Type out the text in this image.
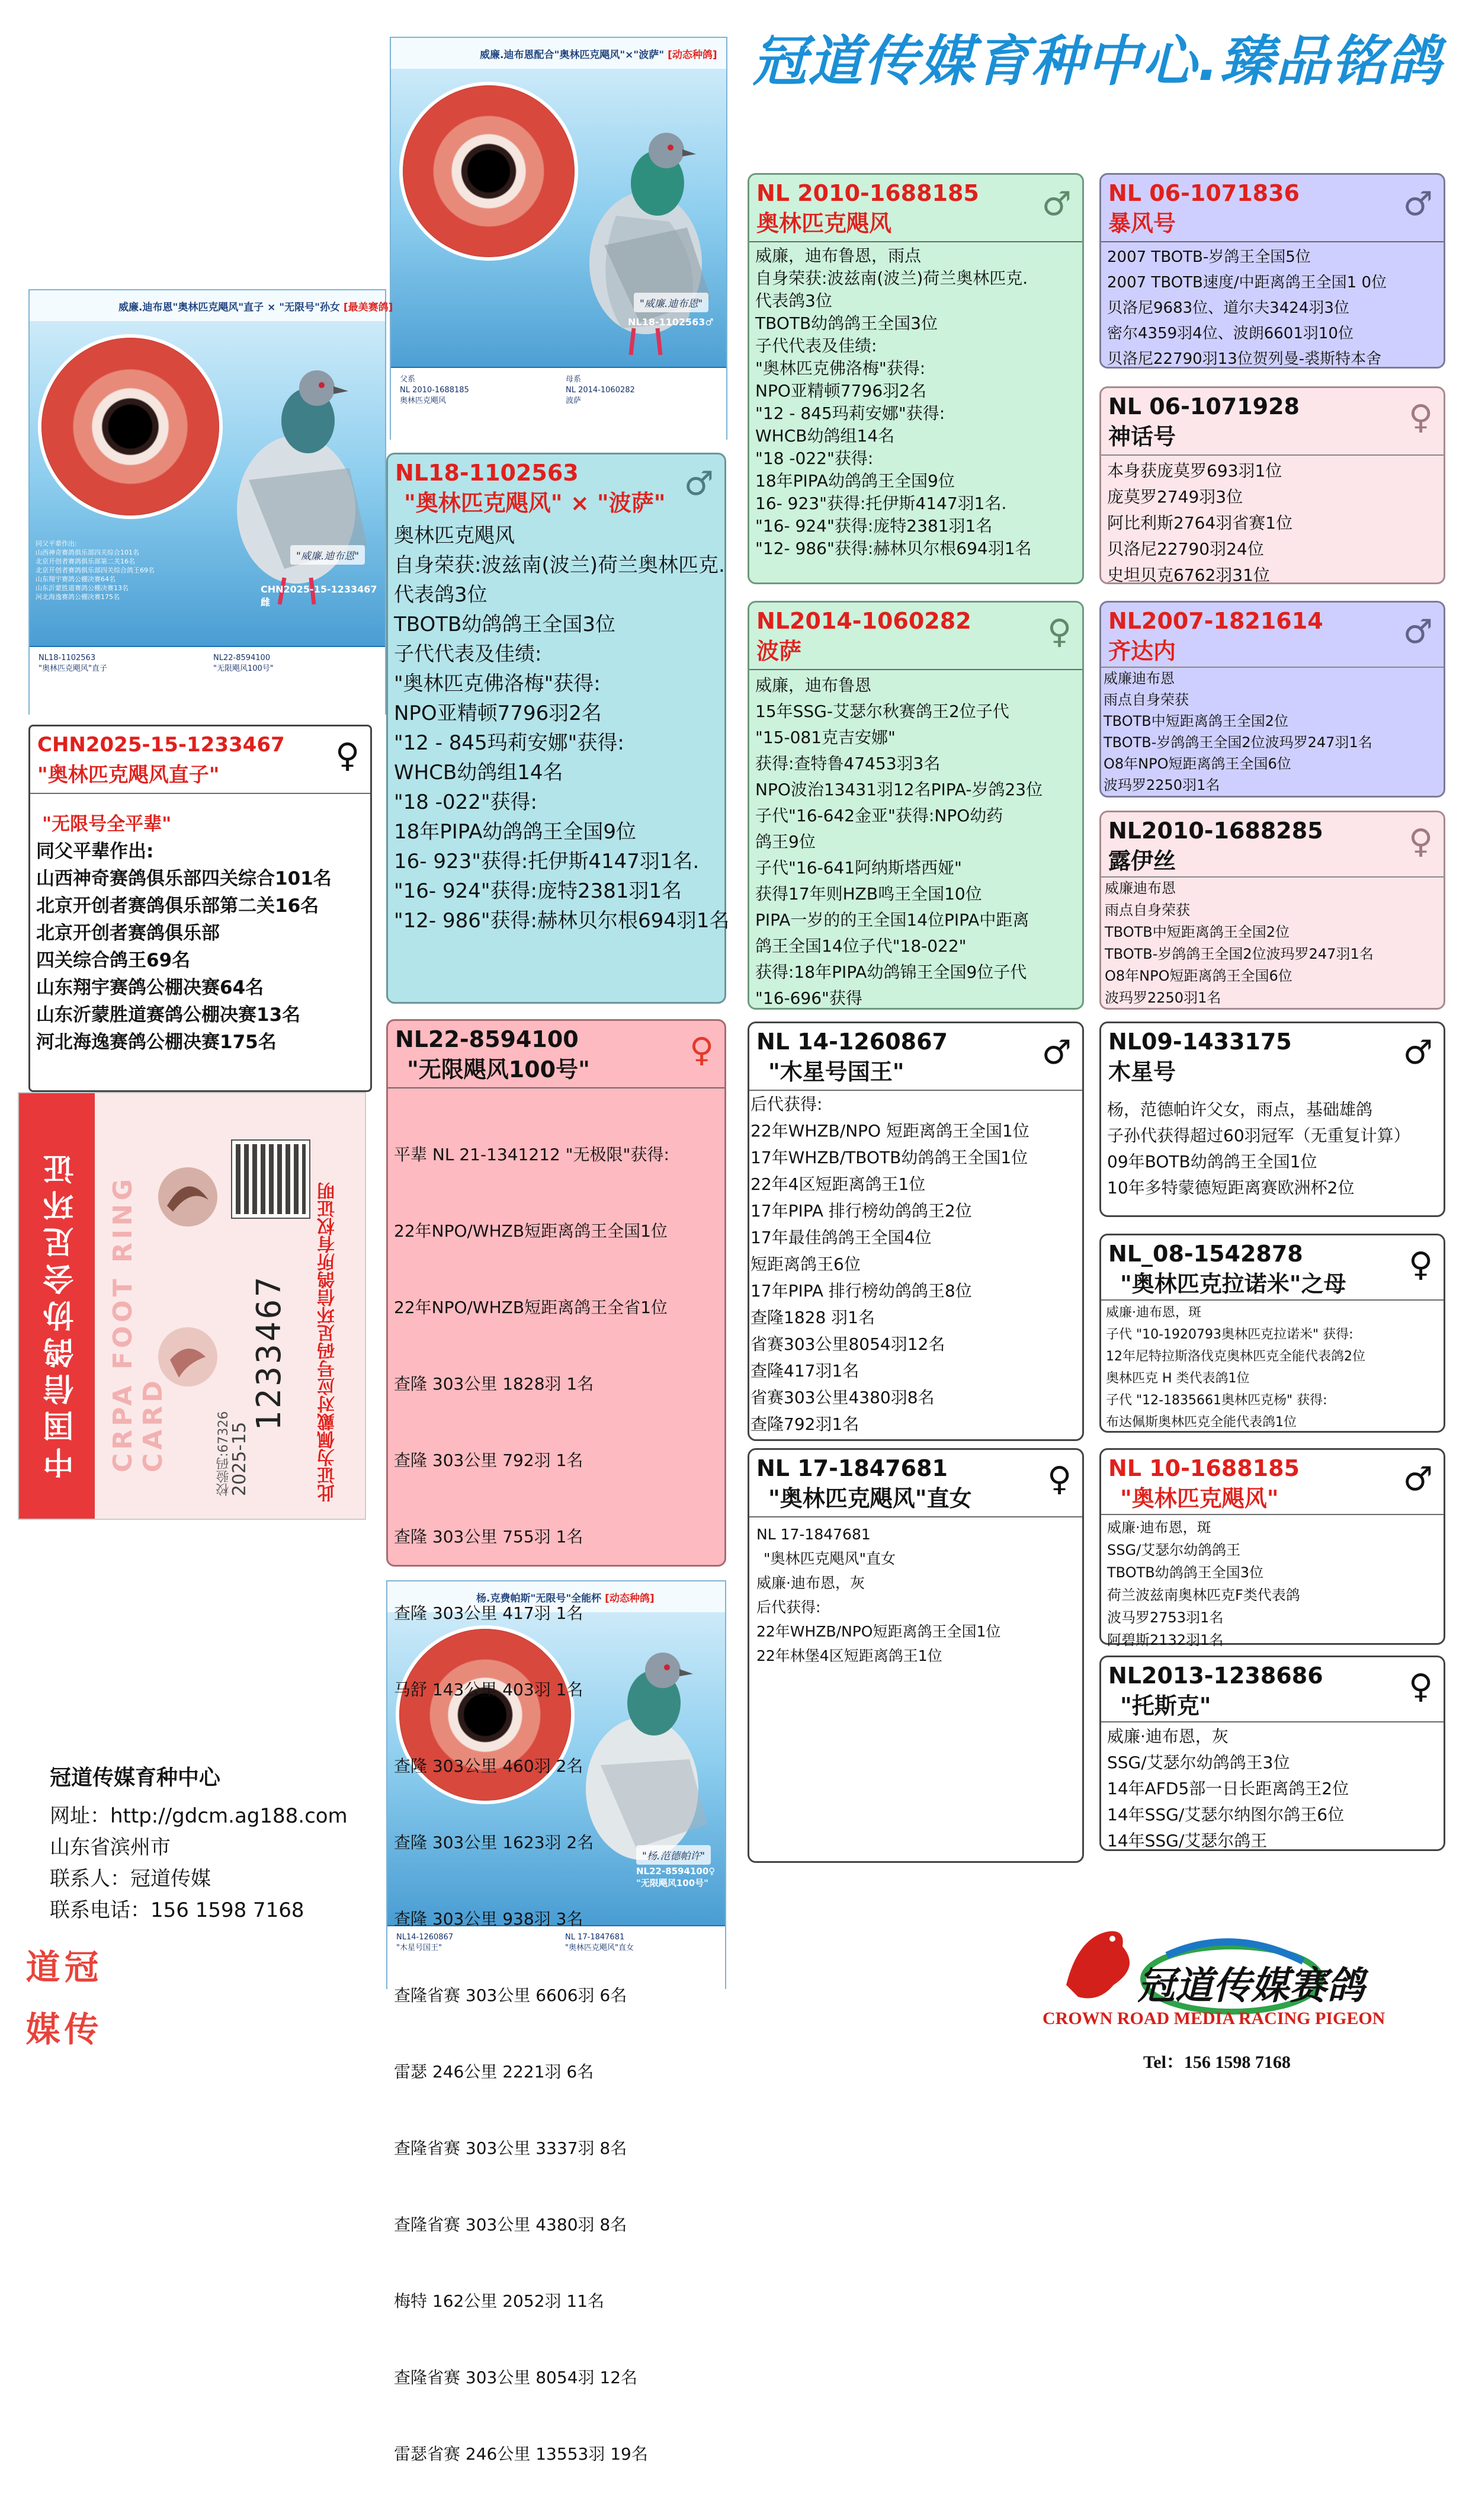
冠道传媒育种中心.臻品铭鸽
威廉.迪布恩配合"奥林匹克飓风"×"波萨" [动态种鸽]
"威廉.迪布恩"
NL18-1102563♂
父系
NL 2010-1688185
奥林匹克飓风
母系
NL 2014-1060282
波萨
威廉.迪布恩"奥林匹克飓风"直子 × "无限号"孙女 [最美赛鸽]
"威廉.迪布恩"
CHN2025-15-1233467雌
同父平辈作出:
山西神奇赛鸽俱乐部四关综合101名
北京开创者赛鸽俱乐部第二关16名
北京开创者赛鸽俱乐部四关综合鸽王69名
山东翔宇赛鸽公棚决赛64名
山东沂蒙胜道赛鸽公棚决赛13名
河北海逸赛鸽公棚决赛175名
NL18-1102563
"奥林匹克飓风"直子
NL22-8594100
"无限飓风100号"
杨.克费帕斯"无限号"全能杯 [动态种鸽]
"杨.范德帕许"
NL22-8594100♀
"无限飓风100号"
NL14-1260867
"木星号国王"
NL 17-1847681
"奥林匹克飓风"直女
NL 2010-1688185
奥林匹克飓风	♂
威廉，迪布鲁恩，雨点
自身荣获:波兹南(波兰)荷兰奥林匹克.
代表鸽3位
TBOTB幼鸽鸽王全国3位
子代代表及佳绩:
"奥林匹克佛洛梅"获得:
NPO亚精顿7796羽2名
"12 - 845玛莉安娜"获得:
WHCB幼鸽组14名
"18 -022"获得:
18年PIPA幼鸽鸽王全国9位
16- 923"获得:托伊斯4147羽1名.
"16- 924"获得:庞特2381羽1名
"12- 986"获得:赫林贝尔根694羽1名
NL 06-1071836
暴风号	♂
2007 TBOTB-岁鸽王全国5位
2007 TBOTB速度/中距离鸽王全国1 0位
贝洛尼9683位、道尔夫3424羽3位
密尔4359羽4位、波朗6601羽10位
贝洛尼22790羽13位贺列曼-裘斯特本舍
NL 06-1071928
神话号	♀
本身获庞莫罗693羽1位
庞莫罗2749羽3位
阿比利斯2764羽省赛1位
贝洛尼22790羽24位
史坦贝克6762羽31位
NL18-1102563
"奥林匹克飓风" × "波萨" ♂
奥林匹克飓风
自身荣获:波兹南(波兰)荷兰奥林匹克.
代表鸽3位
TBOTB幼鸽鸽王全国3位
子代代表及佳绩:
"奥林匹克佛洛梅"获得:
NPO亚精顿7796羽2名
"12 - 845玛莉安娜"获得:
WHCB幼鸽组14名
"18 -022"获得:
18年PIPA幼鸽鸽王全国9位
16- 923"获得:托伊斯4147羽1名.
"16- 924"获得:庞特2381羽1名
"12- 986"获得:赫林贝尔根694羽1名
NL2014-1060282
波萨	♀
威廉，迪布鲁恩
15年SSG-艾瑟尔秋赛鸽王2位子代
"15-081克吉安娜"
获得:查特鲁47453羽3名
NPO波治13431羽12名PIPA-岁鸽23位
子代"16-642金亚"获得:NPO幼药
鸽王9位
子代"16-641阿纳斯塔西娅"
获得17年则HZB鸣王全国10位
PIPA一岁的的王全国14位PIPA中距离
鸽王全国14位子代"18-022"
获得:18年PIPA幼鸽锦王全国9位子代
"16-696"获得
NL2007-1821614
齐达内	♂
威廉迪布恩
雨点自身荣获
TBOTB中短距离鸽王全国2位
TBOTB-岁鸽鸽王全国2位波玛罗247羽1名
O8年NPO短距离鸽王全国6位
波玛罗2250羽1名
NL2010-1688285
露伊丝	♀
威廉迪布恩
雨点自身荣获
TBOTB中短距离鸽王全国2位
TBOTB-岁鸽鸽王全国2位波玛罗247羽1名
O8年NPO短距离鸽王全国6位
波玛罗2250羽1名
CHN2025-15-1233467
"奥林匹克飓风直子"	♀
"无限号全平辈"
同父平辈作出:
山西神奇赛鸽俱乐部四关综合101名
北京开创者赛鸽俱乐部第二关16名
北京开创者赛鸽俱乐部
四关综合鸽王69名
山东翔宇赛鸽公棚决赛64名
山东沂蒙胜道赛鸽公棚决赛13名
河北海逸赛鸽公棚决赛175名	NL22-8594100
"无限飓风100号"	♀

平辈 NL 21-1341212 "无极限"获得:

22年NPO/WHZB短距离鸽王全国1位

22年NPO/WHZB短距离鸽王全省1位

查隆 303公里 1828羽 1名

查隆 303公里 792羽 1名

查隆 303公里 755羽 1名

查隆 303公里 417羽 1名

马舒 143公里 403羽 1名

查隆 303公里 460羽 2名

查隆 303公里 1623羽 2名

查隆 303公里 938羽 3名

查隆省赛 303公里 6606羽 6名

雷瑟 246公里 2221羽 6名

查隆省赛 303公里 3337羽 8名

查隆省赛 303公里 4380羽 8名

梅特 162公里 2052羽 11名

查隆省赛 303公里 8054羽 12名

雷瑟省赛 246公里 13553羽 19名

NL 14-1260867
"木星号国王"	♂
后代获得:
22年WHZB/NPO 短距离鸽王全国1位
17年WHZB/TBOTB幼鸽鸽王全国1位
22年4区短距离鸽王1位
17年PIPA 排行榜幼鸽鸽王2位
17年最佳鸽鸽王全国4位
短距离鸽王6位
17年PIPA 排行榜幼鸽鸽王8位
查隆1828 羽1名
省赛303公里8054羽12名
查隆417羽1名
省赛303公里4380羽8名
查隆792羽1名
NL09-1433175
木星号	♂
杨，范德帕许父女，雨点，基础雄鸽
子孙代获得超过60羽冠军（无重复计算）
09年BOTB幼鸽鸽王全国1位
10年多特蒙德短距离赛欧洲杯2位
NL_08-1542878
"奥林匹克拉诺米"之母	♀
威廉·迪布恩，斑
子代 "10-1920793奥林匹克拉诺米" 获得:
12年尼特拉斯洛伐克奥林匹克全能代表鸽2位
奥林匹克 H 类代表鸽1位
子代 "12-1835661奥林匹克杨" 获得:
布达佩斯奥林匹克全能代表鸽1位
NL 17-1847681
"奥林匹克飓风"直女	♀
NL 17-1847681
"奥林匹克飓风"直女
威廉·迪布恩，灰
后代获得:
22年WHZB/NPO短距离鸽王全国1位
22年林堡4区短距离鸽王1位
NL 10-1688185
"奥林匹克飓风"	♂
威廉·迪布恩，斑
SSG/艾瑟尔幼鸽鸽王
TBOTB幼鸽鸽王全国3位
荷兰波兹南奥林匹克F类代表鸽
波马罗2753羽1名
阿碧斯2132羽1名
NL2013-1238686
"托斯克"	♀
威廉·迪布恩，灰
SSG/艾瑟尔幼鸽鸽王3位
14年AFD5部一日长距离鸽王2位
14年SSG/艾瑟尔纳图尔鸽王6位
14年SSG/艾瑟尔鸽王
中国信鸽协会足环证 CRPA FOOT RING CARD 1233467
2025-15
校验码:67326	此证为佩戴对应号码足环信鸽所有权证明
冠道传媒育种中心
网址：http://gdcm.ag188.com
山东省滨州市
联系人：冠道传媒
联系电话：156 1598 7168
道 冠
媒 传
冠道传媒赛鸽
CROWN ROAD MEDIA RACING PIGEON
Tel：156 1598 7168
